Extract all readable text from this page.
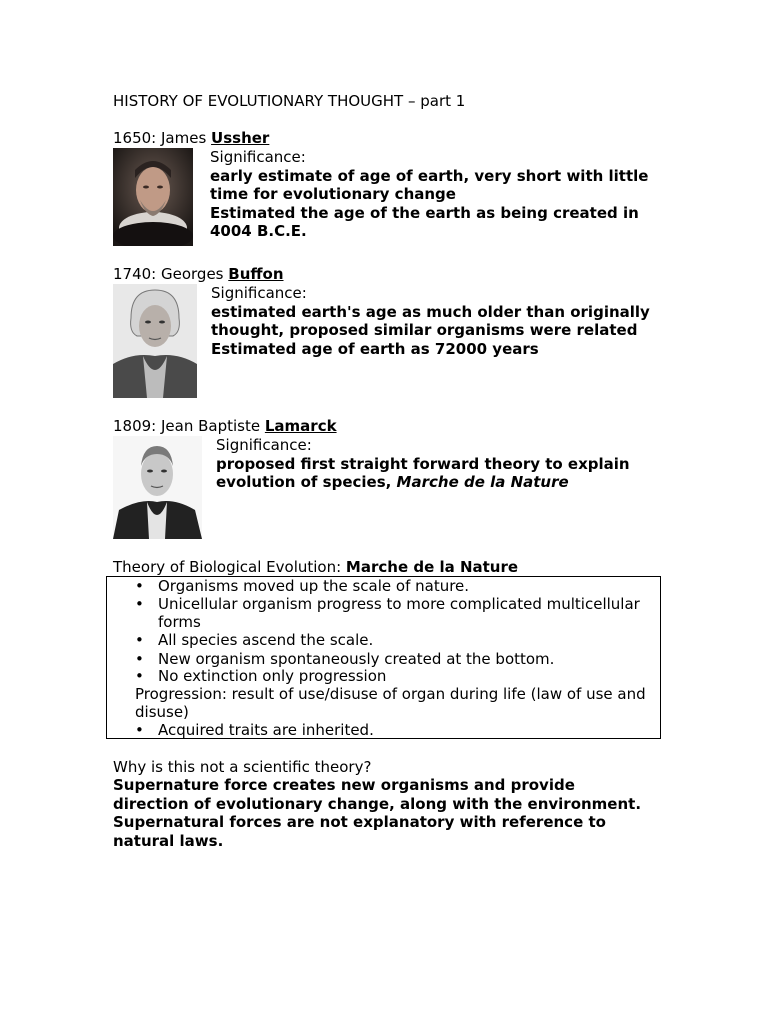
HISTORY OF EVOLUTIONARY THOUGHT – part 1
1650: James Ussher
Significance:
early estimate of age of earth, very short with little
time for evolutionary change
Estimated the age of the earth as being created in
4004 B.C.E.
1740: Georges Buffon
Significance:
estimated earth's age as much older than originally
thought, proposed similar organisms were related
Estimated age of earth as 72000 years
1809: Jean Baptiste Lamarck
Significance:
proposed first straight forward theory to explain
evolution of species, Marche de la Nature
Theory of Biological Evolution: Marche de la Nature
• Organisms moved up the scale of nature.
• Unicellular organism progress to more complicated multicellular
forms
• All species ascend the scale.
• New organism spontaneously created at the bottom.
• No extinction only progression
Progression: result of use/disuse of organ during life (law of use and
disuse)
• Acquired traits are inherited.
Why is this not a scientific theory?
Supernature force creates new organisms and provide
direction of evolutionary change, along with the environment.
Supernatural forces are not explanatory with reference to
natural laws.
